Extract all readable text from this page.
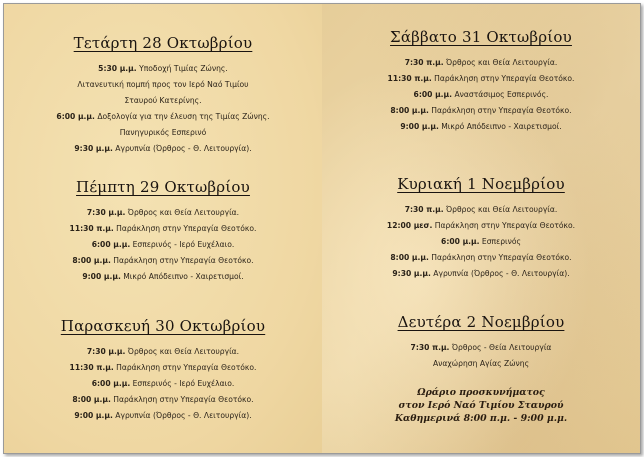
Τετάρτη 28 Οκτωβρίου
5:30 μ.μ. Υποδοχή Τιμίας Ζώνης.
Λιτανευτική πομπή προς τον Ιερό Ναό Τιμίου
Σταυρού Κατερίνης.
6:00 μ.μ. Δοξολογία για την έλευση της Τιμίας Ζώνης.
Πανηγυρικός Εσπερινό
9:30 μ.μ. Αγρυπνία (Όρθρος - Θ. Λειτουργία).
Πέμπτη 29 Οκτωβρίου
7:30 μ.μ. Όρθρος και Θεία Λειτουργία.
11:30 π.μ. Παράκληση στην Υπεραγία Θεοτόκο.
6:00 μ.μ. Εσπερινός - Ιερό Ευχέλαιο.
8:00 μ.μ. Παράκληση στην Υπεραγία Θεοτόκο.
9:00 μ.μ. Μικρό Απόδειπνο - Χαιρετισμοί.
Παρασκευή 30 Οκτωβρίου
7:30 μ.μ. Όρθρος και Θεία Λειτουργία.
11:30 π.μ. Παράκληση στην Υπεραγία Θεοτόκο.
6:00 μ.μ. Εσπερινός - Ιερό Ευχέλαιο.
8:00 μ.μ. Παράκληση στην Υπεραγία Θεοτόκο.
9:00 μ.μ. Αγρυπνία (Όρθρος - Θ. Λειτουργία).
Σάββατο 31 Οκτωβρίου
7:30 π.μ. Όρθρος και Θεία Λειτουργία.
11:30 π.μ. Παράκληση στην Υπεραγία Θεοτόκο.
6:00 μ.μ. Αναστάσιμος Εσπερινός.
8:00 μ.μ. Παράκληση στην Υπεραγία Θεοτόκο.
9:00 μ.μ. Μικρό Απόδειπνο - Χαιρετισμοί.
Κυριακή 1 Νοεμβρίου
7:30 π.μ. Όρθρος και Θεία Λειτουργία.
12:00 μεσ. Παράκληση στην Υπεραγία Θεοτόκο.
6:00 μ.μ. Εσπερινός
8:00 μ.μ. Παράκληση στην Υπεραγία Θεοτόκο.
9:30 μ.μ. Αγρυπνία (Όρθρος - Θ. Λειτουργία).
Δευτέρα 2 Νοεμβρίου
7:30 π.μ. Όρθρος - Θεία Λειτουργία
Αναχώρηση Αγίας Ζώνης
Ωράριο προσκυνήματος
στον Ιερό Ναό Τιμίου Σταυρού
Καθημερινά 8:00 π.μ. - 9:00 μ.μ.
